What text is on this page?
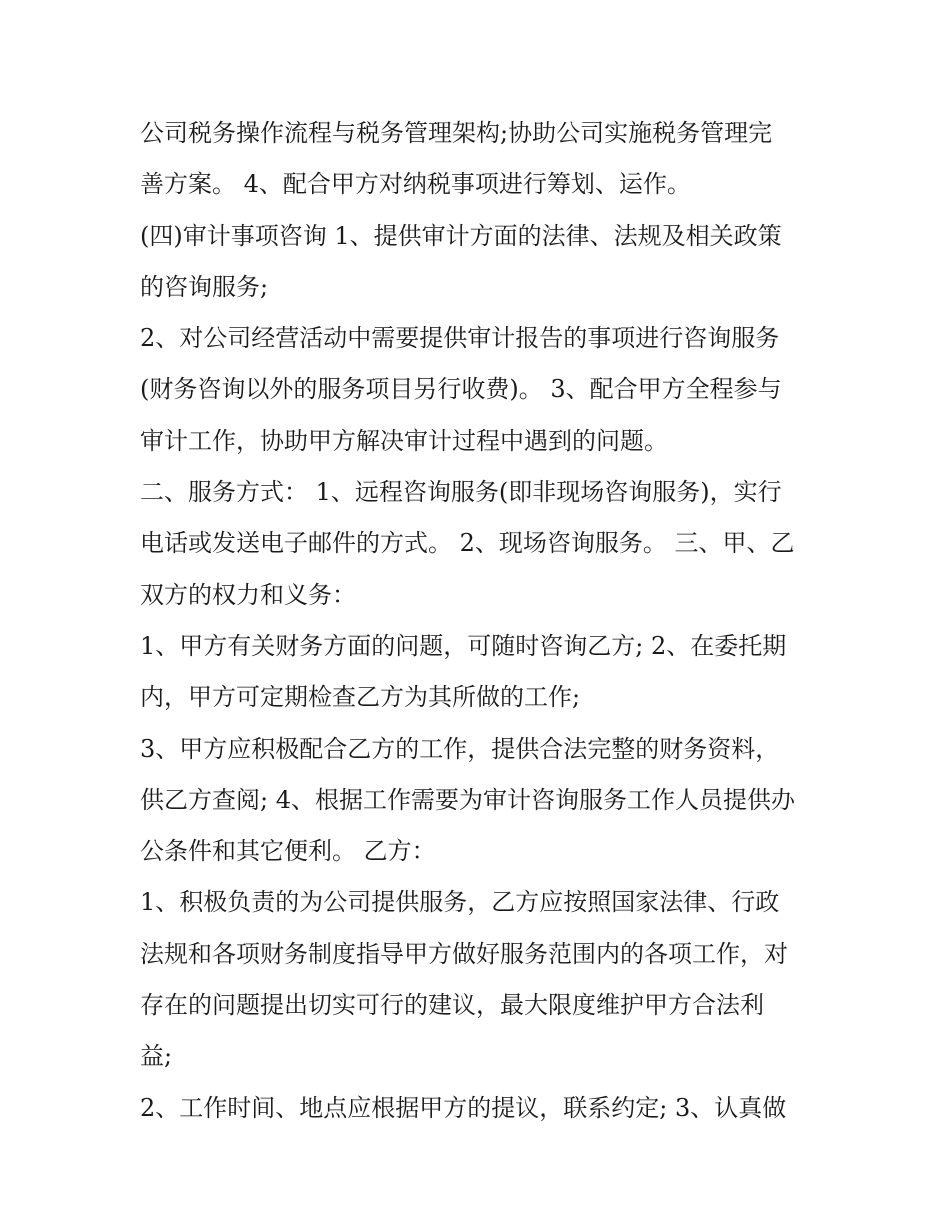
公司税务操作流程与税务管理架构;协助公司实施税务管理完
善方案。 4、配合甲方对纳税事项进行筹划、运作。
(四)审计事项咨询 1、提供审计方面的法律、法规及相关政策
的咨询服务;
2、对公司经营活动中需要提供审计报告的事项进行咨询服务
(财务咨询以外的服务项目另行收费)。 3、配合甲方全程参与
审计工作，协助甲方解决审计过程中遇到的问题。
二、服务方式： 1、远程咨询服务(即非现场咨询服务)，实行
电话或发送电子邮件的方式。 2、现场咨询服务。 三、甲、乙
双方的权力和义务：
1、甲方有关财务方面的问题，可随时咨询乙方; 2、在委托期
内，甲方可定期检查乙方为其所做的工作;
3、甲方应积极配合乙方的工作，提供合法完整的财务资料，
供乙方查阅; 4、根据工作需要为审计咨询服务工作人员提供办
公条件和其它便利。 乙方：
1、积极负责的为公司提供服务，乙方应按照国家法律、行政
法规和各项财务制度指导甲方做好服务范围内的各项工作，对
存在的问题提出切实可行的建议，最大限度维护甲方合法利
益;
2、工作时间、地点应根据甲方的提议，联系约定; 3、认真做
